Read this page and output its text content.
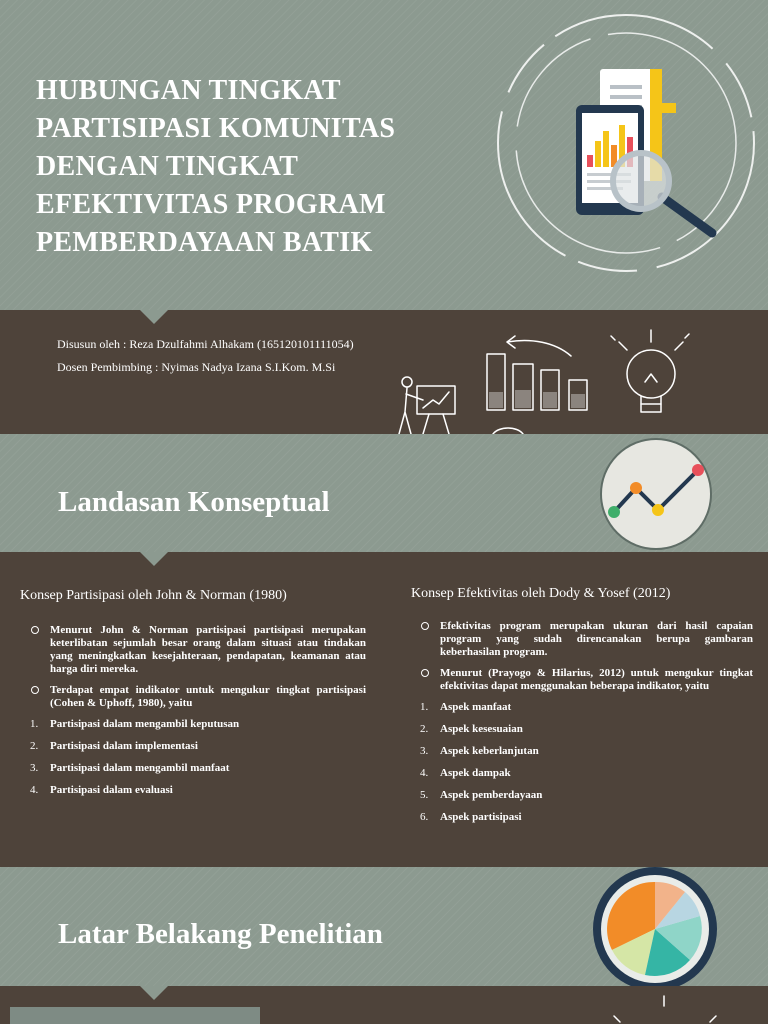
HUBUNGAN TINGKAT PARTISIPASI KOMUNITAS DENGAN TINGKAT EFEKTIVITAS PROGRAM PEMBERDAYAAN BATIK

Disusun oleh : Reza Dzulfahmi Alhakam (165120101111054)

Dosen Pembimbing : Nyimas Nadya Izana S.I.Kom. M.Si

Landasan Konseptual

Konsep Partisipasi oleh John & Norman (1980)

Menurut John & Norman partisipasi partisipasi merupakan keterlibatan sejumlah besar orang dalam situasi atau tindakan yang meningkatkan kesejahteraan, pendapatan, keamanan atau harga diri mereka.

Terdapat empat indikator untuk mengukur tingkat partisipasi (Cohen & Uphoff, 1980), yaitu

1. Partisipasi dalam mengambil keputusan

2. Partisipasi dalam implementasi

3. Partisipasi dalam mengambil manfaat

4. Partisipasi dalam evaluasi

Konsep Efektivitas oleh Dody & Yosef (2012)

Efektivitas program merupakan ukuran dari hasil capaian program yang sudah direncanakan berupa gambaran keberhasilan program.

Menurut (Prayogo & Hilarius, 2012) untuk mengukur tingkat efektivitas dapat menggunakan beberapa indikator, yaitu

1. Aspek manfaat

2. Aspek kesesuaian

3. Aspek keberlanjutan

4. Aspek dampak

5. Aspek pemberdayaan

6. Aspek partisipasi

Latar Belakang Penelitian
